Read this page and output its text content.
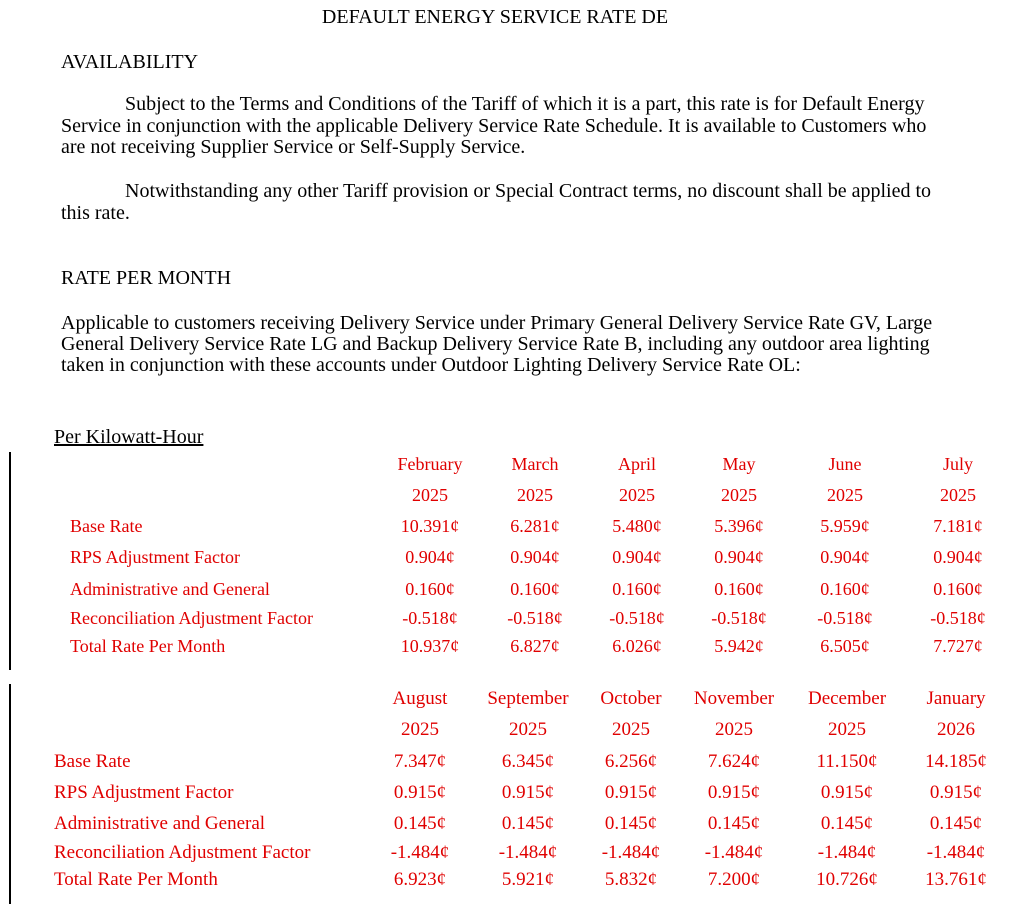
DEFAULT ENERGY SERVICE RATE DE
AVAILABILITY
Subject to the Terms and Conditions of the Tariff of which it is a part, this rate is for Default Energy Service in conjunction with the applicable Delivery Service Rate Schedule. It is available to Customers who are not receiving Supplier Service or Self-Supply Service.
Notwithstanding any other Tariff provision or Special Contract terms, no discount shall be applied to this rate.
RATE PER MONTH
Applicable to customers receiving Delivery Service under Primary General Delivery Service Rate GV, Large General Delivery Service Rate LG and Backup Delivery Service Rate B, including any outdoor area lighting taken in conjunction with these accounts under Outdoor Lighting Delivery Service Rate OL:
Per Kilowatt-Hour
Base Rate
RPS Adjustment Factor
Administrative and General
Reconciliation Adjustment Factor
Total Rate Per Month
February
2025
10.391¢
0.904¢
0.160¢
-0.518¢
10.937¢
March
2025
6.281¢
0.904¢
0.160¢
-0.518¢
6.827¢
April
2025
5.480¢
0.904¢
0.160¢
-0.518¢
6.026¢
May
2025
5.396¢
0.904¢
0.160¢
-0.518¢
5.942¢
June
2025
5.959¢
0.904¢
0.160¢
-0.518¢
6.505¢
July
2025
7.181¢
0.904¢
0.160¢
-0.518¢
7.727¢
Base Rate
RPS Adjustment Factor
Administrative and General
Reconciliation Adjustment Factor
Total Rate Per Month
August
2025
7.347¢
0.915¢
0.145¢
-1.484¢
6.923¢
September
2025
6.345¢
0.915¢
0.145¢
-1.484¢
5.921¢
October
2025
6.256¢
0.915¢
0.145¢
-1.484¢
5.832¢
November
2025
7.624¢
0.915¢
0.145¢
-1.484¢
7.200¢
December
2025
11.150¢
0.915¢
0.145¢
-1.484¢
10.726¢
January
2026
14.185¢
0.915¢
0.145¢
-1.484¢
13.761¢
